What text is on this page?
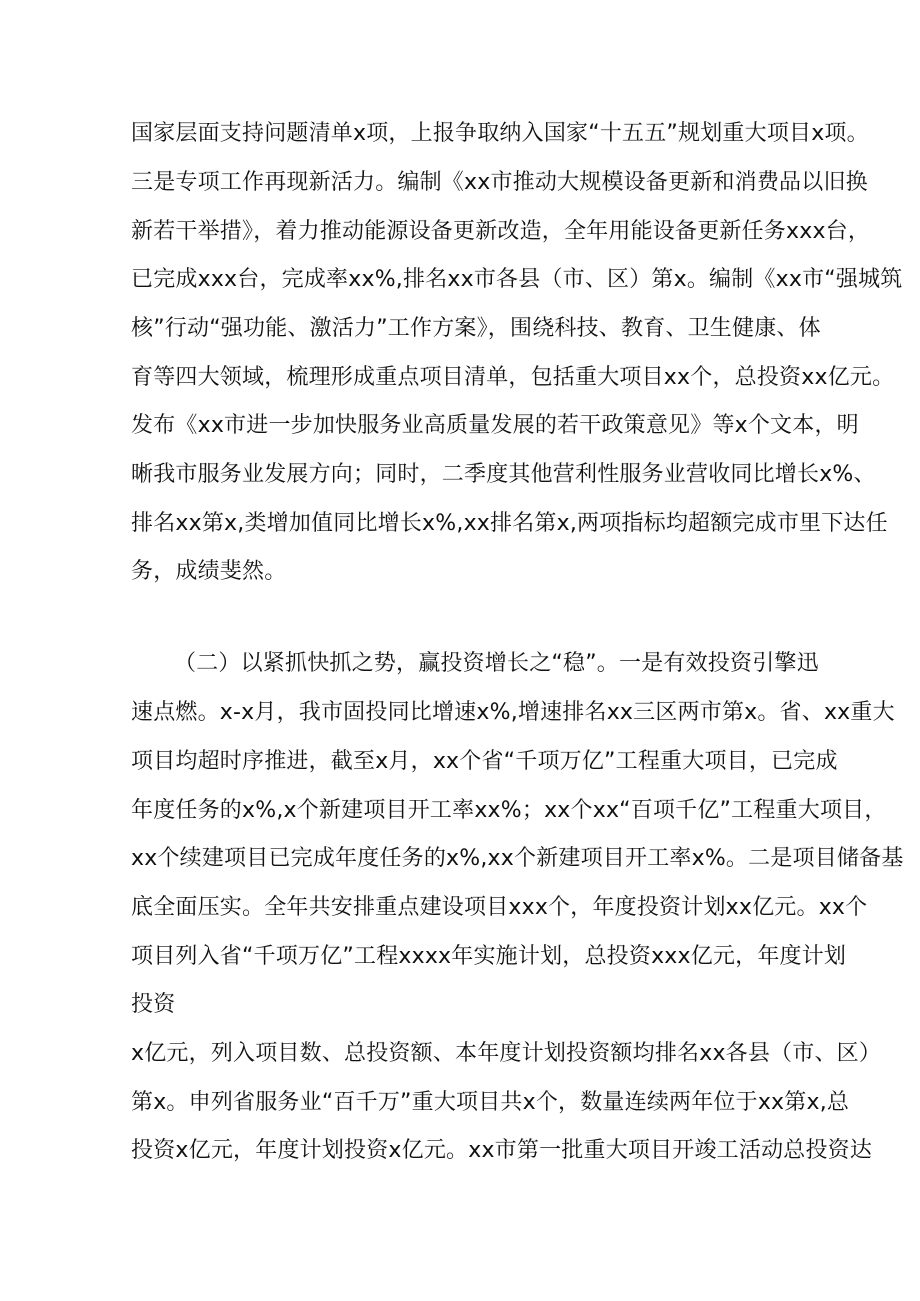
国家层面支持问题清单x项，上报争取纳入国家“十五五”规划重大项目x项。
三是专项工作再现新活力。编制《xx市推动大规模设备更新和消费品以旧换
新若干举措》，着力推动能源设备更新改造，全年用能设备更新任务xxx台，
已完成xxx台，完成率xx%,排名xx市各县（市、区）第x。编制《xx市“强城筑
核”行动“强功能、激活力”工作方案》，围绕科技、教育、卫生健康、体
育等四大领域，梳理形成重点项目清单，包括重大项目xx个，总投资xx亿元。
发布《xx市进一步加快服务业高质量发展的若干政策意见》等x个文本，明
晰我市服务业发展方向；同时，二季度其他营利性服务业营收同比增长x%、
排名xx第x,类增加值同比增长x%,xx排名第x,两项指标均超额完成市里下达任
务，成绩斐然。
（二）以紧抓快抓之势，赢投资增长之“稳”。一是有效投资引擎迅
速点燃。x-x月，我市固投同比增速x%,增速排名xx三区两市第x。省、xx重大
项目均超时序推进，截至x月，xx个省“千项万亿”工程重大项目，已完成
年度任务的x%,x个新建项目开工率xx%；xx个xx“百项千亿”工程重大项目，
xx个续建项目已完成年度任务的x%,xx个新建项目开工率x%。二是项目储备基
底全面压实。全年共安排重点建设项目xxx个，年度投资计划xx亿元。xx个
项目列入省“千项万亿”工程xxxx年实施计划，总投资xxx亿元，年度计划
投资
x亿元，列入项目数、总投资额、本年度计划投资额均排名xx各县（市、区）
第x。申列省服务业“百千万”重大项目共x个，数量连续两年位于xx第x,总
投资x亿元，年度计划投资x亿元。xx市第一批重大项目开竣工活动总投资达
